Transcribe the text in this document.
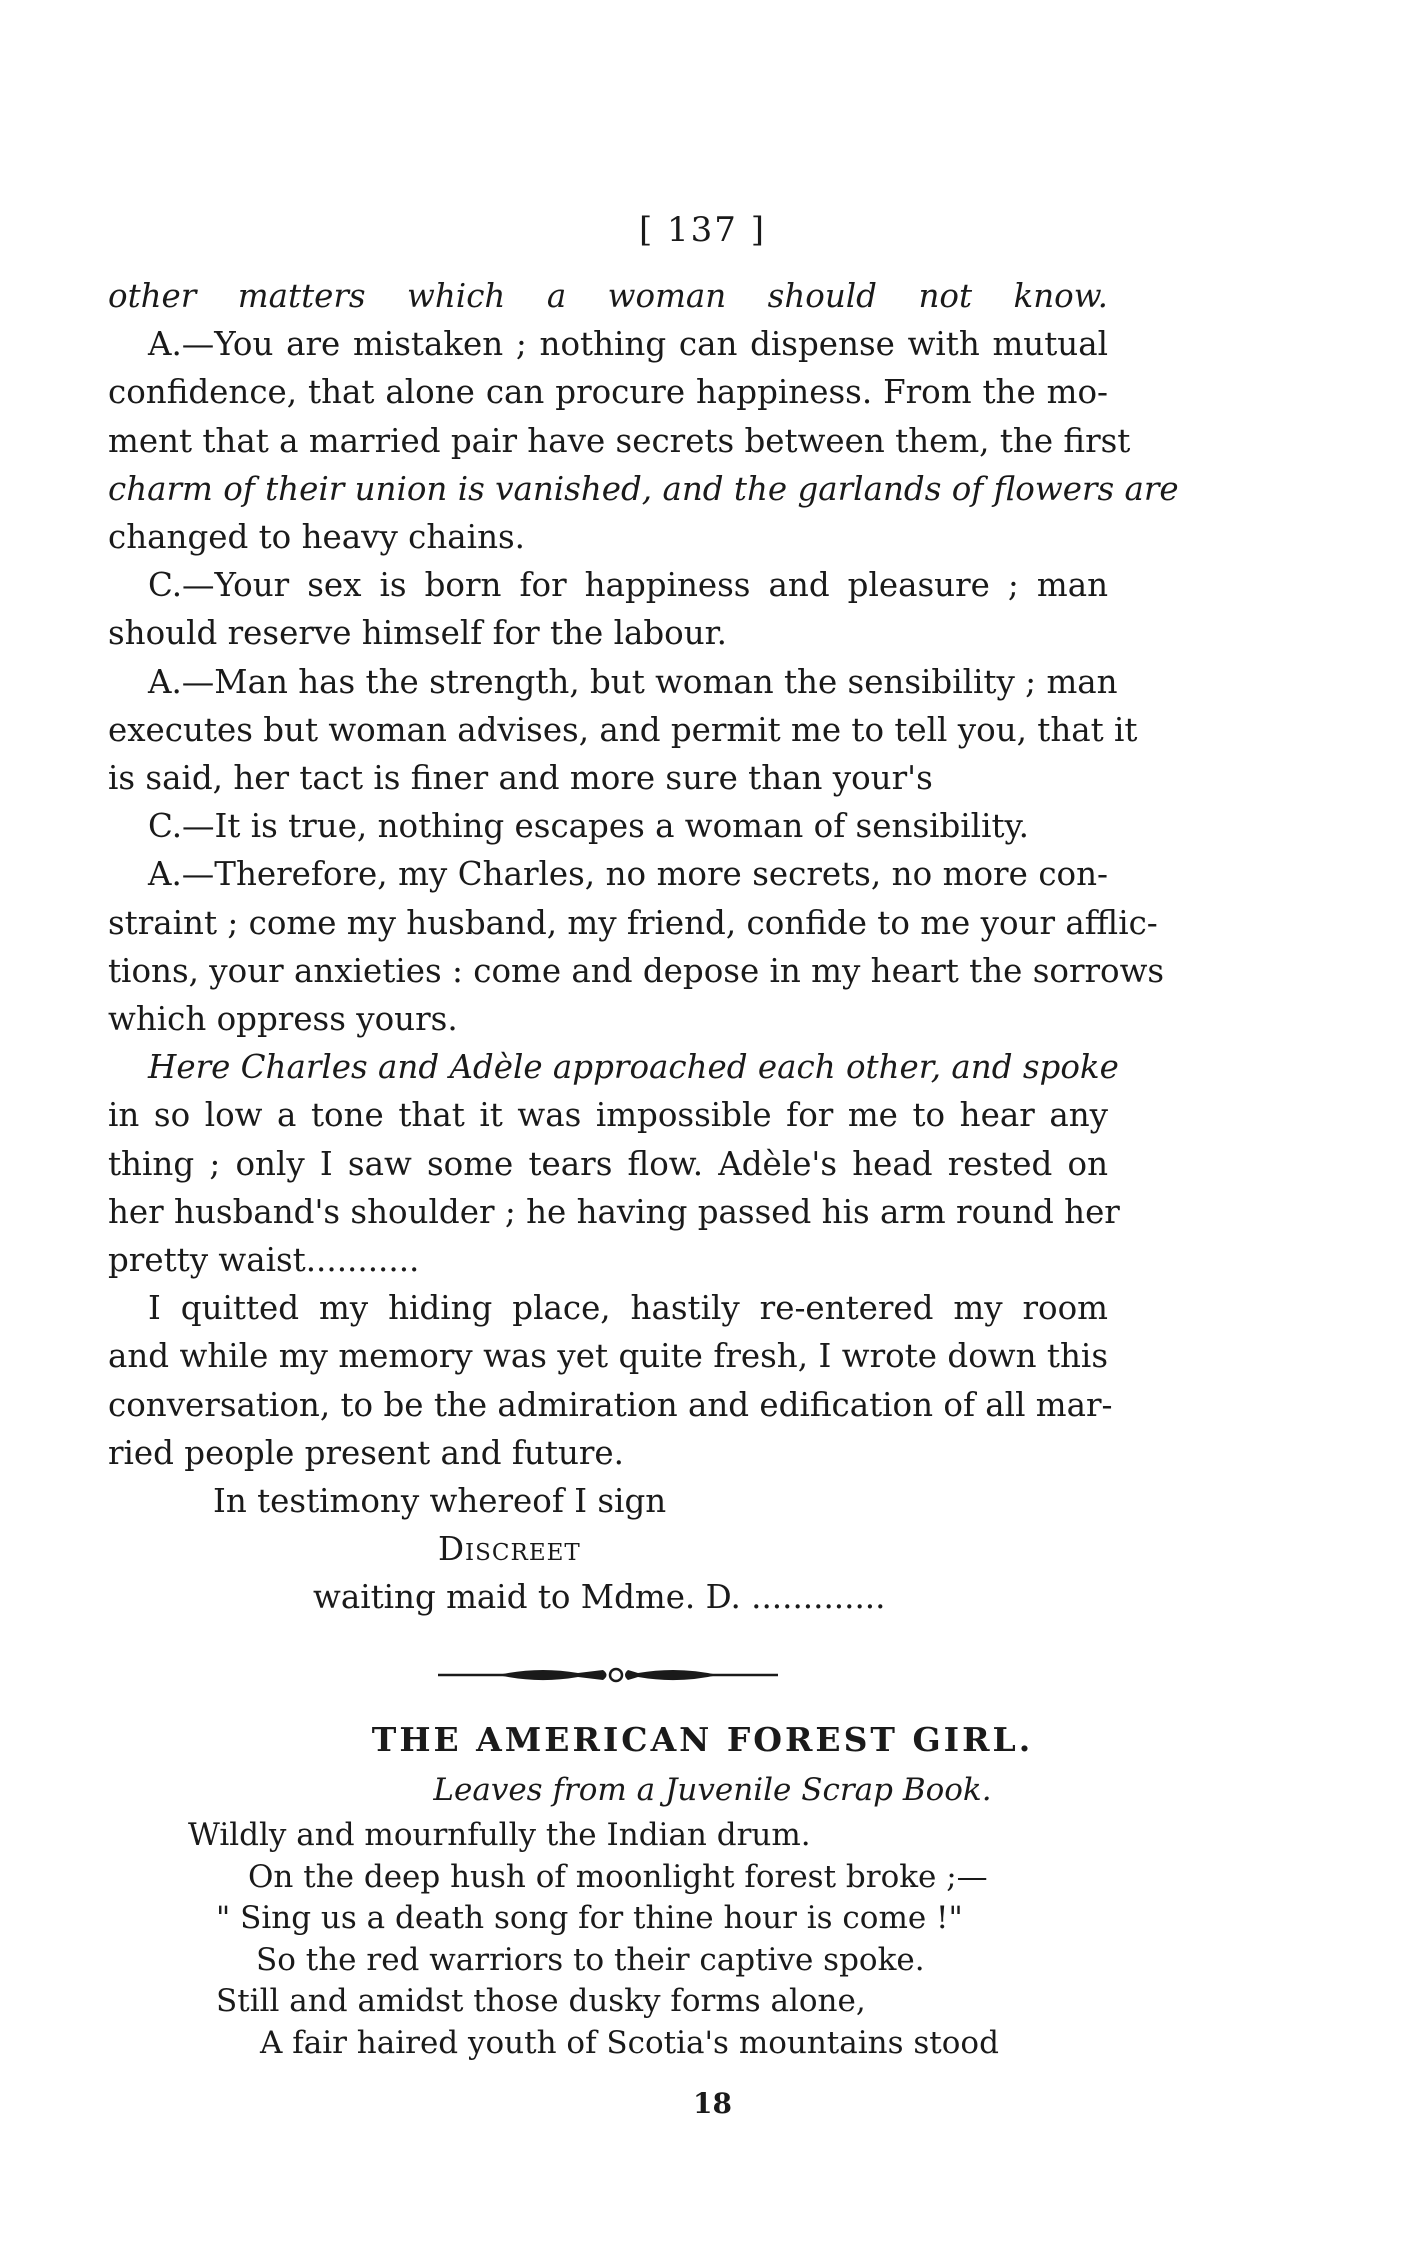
[ 137 ]
other matters which a woman should not know.
A.—You are mistaken ; nothing can dispense with mutual
confidence, that alone can procure happiness. From the mo-
ment that a married pair have secrets between them, the first
charm of their union is vanished, and the garlands of flowers are
changed to heavy chains.
C.—Your sex is born for happiness and pleasure ; man
should reserve himself for the labour.
A.—Man has the strength, but woman the sensibility ; man
executes but woman advises, and permit me to tell you, that it
is said, her tact is finer and more sure than your's
C.—It is true, nothing escapes a woman of sensibility.
A.—Therefore, my Charles, no more secrets, no more con-
straint ; come my husband, my friend, confide to me your afflic-
tions, your anxieties : come and depose in my heart the sorrows
which oppress yours.
Here Charles and Adèle approached each other, and spoke
in so low a tone that it was impossible for me to hear any
thing ; only I saw some tears flow. Adèle's head rested on
her husband's shoulder ; he having passed his arm round her
pretty waist...........
I quitted my hiding place, hastily re-entered my room
and while my memory was yet quite fresh, I wrote down this
conversation, to be the admiration and edification of all mar-
ried people present and future.
In testimony whereof I sign
Discreet
waiting maid to Mdme. D. .............
THE AMERICAN FOREST GIRL.
Leaves from a Juvenile Scrap Book.
Wildly and mournfully the Indian drum.
On the deep hush of moonlight forest broke ;—
" Sing us a death song for thine hour is come !"
So the red warriors to their captive spoke.
Still and amidst those dusky forms alone,
A fair haired youth of Scotia's mountains stood
18
